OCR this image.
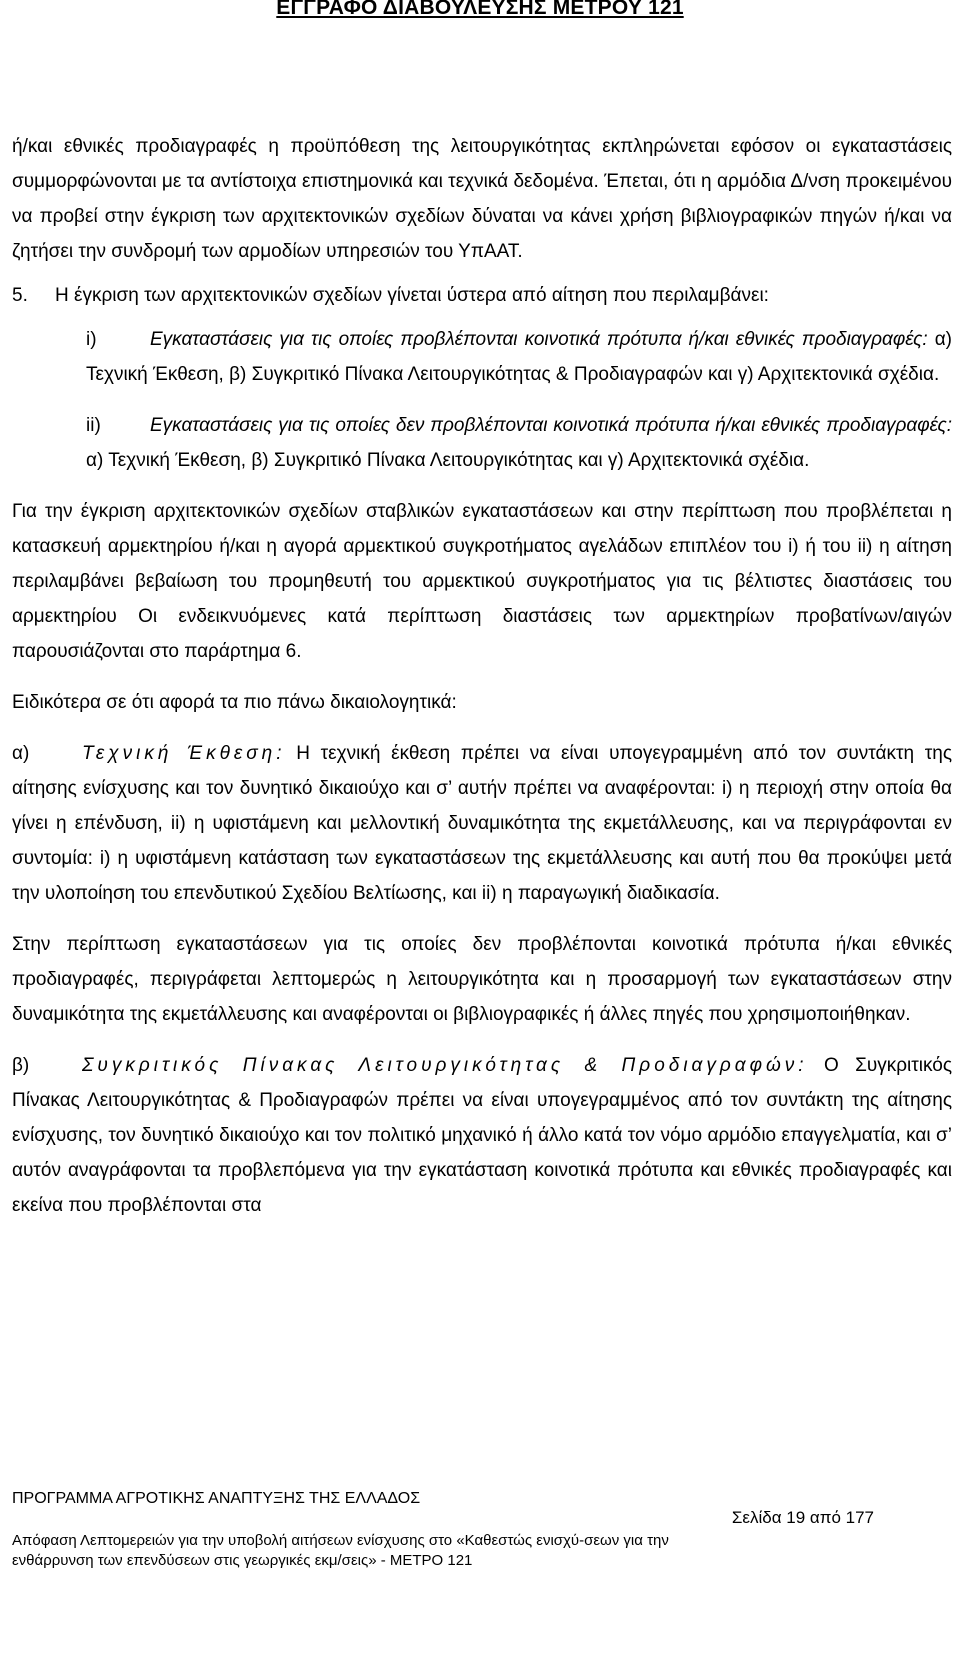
ΕΓΓΡΑΦΟ ΔΙΑΒΟΥΛΕΥΣΗΣ ΜΕΤΡΟΥ 121

ή/και εθνικές προδιαγραφές η προϋπόθεση της λειτουργικότητας εκπληρώνεται εφόσον οι εγκαταστάσεις συμμορφώνονται με τα αντίστοιχα επιστημονικά και τεχνικά δεδομένα. Έπεται, ότι η αρμόδια Δ/νση προκειμένου να προβεί στην έγκριση των αρχιτεκτονικών σχεδίων δύναται να κάνει χρήση βιβλιογραφικών πηγών ή/και να ζητήσει την συνδρομή των αρμοδίων υπηρεσιών του ΥπΑΑΤ.

5. Η έγκριση των αρχιτεκτονικών σχεδίων γίνεται ύστερα από αίτηση που περιλαμβάνει:

i)	Εγκαταστάσεις για τις οποίες προβλέπονται κοινοτικά πρότυπα ή/και εθνικές προδιαγραφές: α) Τεχνική Έκθεση, β) Συγκριτικό Πίνακα Λειτουργικότητας & Προδιαγραφών και γ) Αρχιτεκτονικά σχέδια.

ii)	Εγκαταστάσεις για τις οποίες δεν προβλέπονται κοινοτικά πρότυπα ή/και εθνικές προδιαγραφές: α) Τεχνική Έκθεση, β) Συγκριτικό Πίνακα Λειτουργικότητας και γ) Αρχιτεκτονικά σχέδια.

Για την έγκριση αρχιτεκτονικών σχεδίων σταβλικών εγκαταστάσεων και στην περίπτωση που προβλέπεται η κατασκευή αρμεκτηρίου ή/και η αγορά αρμεκτικού συγκροτήματος αγελάδων επιπλέον του i) ή του ii) η αίτηση περιλαμβάνει βεβαίωση του προμηθευτή του αρμεκτικού συγκροτήματος για τις βέλτιστες διαστάσεις του αρμεκτηρίου Οι ενδεικνυόμενες κατά περίπτωση διαστάσεις των αρμεκτηρίων προβατίνων/αιγών παρουσιάζονται στο παράρτημα 6.

Ειδικότερα σε ότι αφορά τα πιο πάνω δικαιολογητικά:

α)	Τεχνική Έκθεση: Η τεχνική έκθεση πρέπει να είναι υπογεγραμμένη από τον συντάκτη της αίτησης ενίσχυσης και τον δυνητικό δικαιούχο και σ’ αυτήν πρέπει να αναφέρονται: i) η περιοχή στην οποία θα γίνει η επένδυση, ii) η υφιστάμενη και μελλοντική δυναμικότητα της εκμετάλλευσης, και να περιγράφονται εν συντομία: i) η υφιστάμενη κατάσταση των εγκαταστάσεων της εκμετάλλευσης και αυτή που θα προκύψει μετά την υλοποίηση του επενδυτικού Σχεδίου Βελτίωσης, και ii) η παραγωγική διαδικασία.

Στην περίπτωση εγκαταστάσεων για τις οποίες δεν προβλέπονται κοινοτικά πρότυπα ή/και εθνικές προδιαγραφές, περιγράφεται λεπτομερώς η λειτουργικότητα και η προσαρμογή των εγκαταστάσεων στην δυναμικότητα της εκμετάλλευσης και αναφέρονται οι βιβλιογραφικές ή άλλες πηγές που χρησιμοποιήθηκαν.

β)	Συγκριτικός Πίνακας Λειτουργικότητας & Προδιαγραφών: Ο Συγκριτικός Πίνακας Λειτουργικότητας & Προδιαγραφών πρέπει να είναι υπογεγραμμένος από τον συντάκτη της αίτησης ενίσχυσης, τον δυνητικό δικαιούχο και τον πολιτικό μηχανικό ή άλλο κατά τον νόμο αρμόδιο επαγγελματία, και σ’ αυτόν αναγράφονται τα προβλεπόμενα για την εγκατάσταση κοινοτικά πρότυπα και εθνικές προδιαγραφές και εκείνα που προβλέπονται στα

ΠΡΟΓΡΑΜΜΑ ΑΓΡΟΤΙΚΗΣ ΑΝΑΠΤΥΞΗΣ ΤΗΣ ΕΛΛΑΔΟΣ
Σελίδα 19 από 177
Απόφαση Λεπτομερειών για την υποβολή αιτήσεων ενίσχυσης στο «Καθεστώς ενισχύ-σεων για την ενθάρρυνση των επενδύσεων στις γεωργικές εκμ/σεις» - ΜΕΤΡΟ 121
